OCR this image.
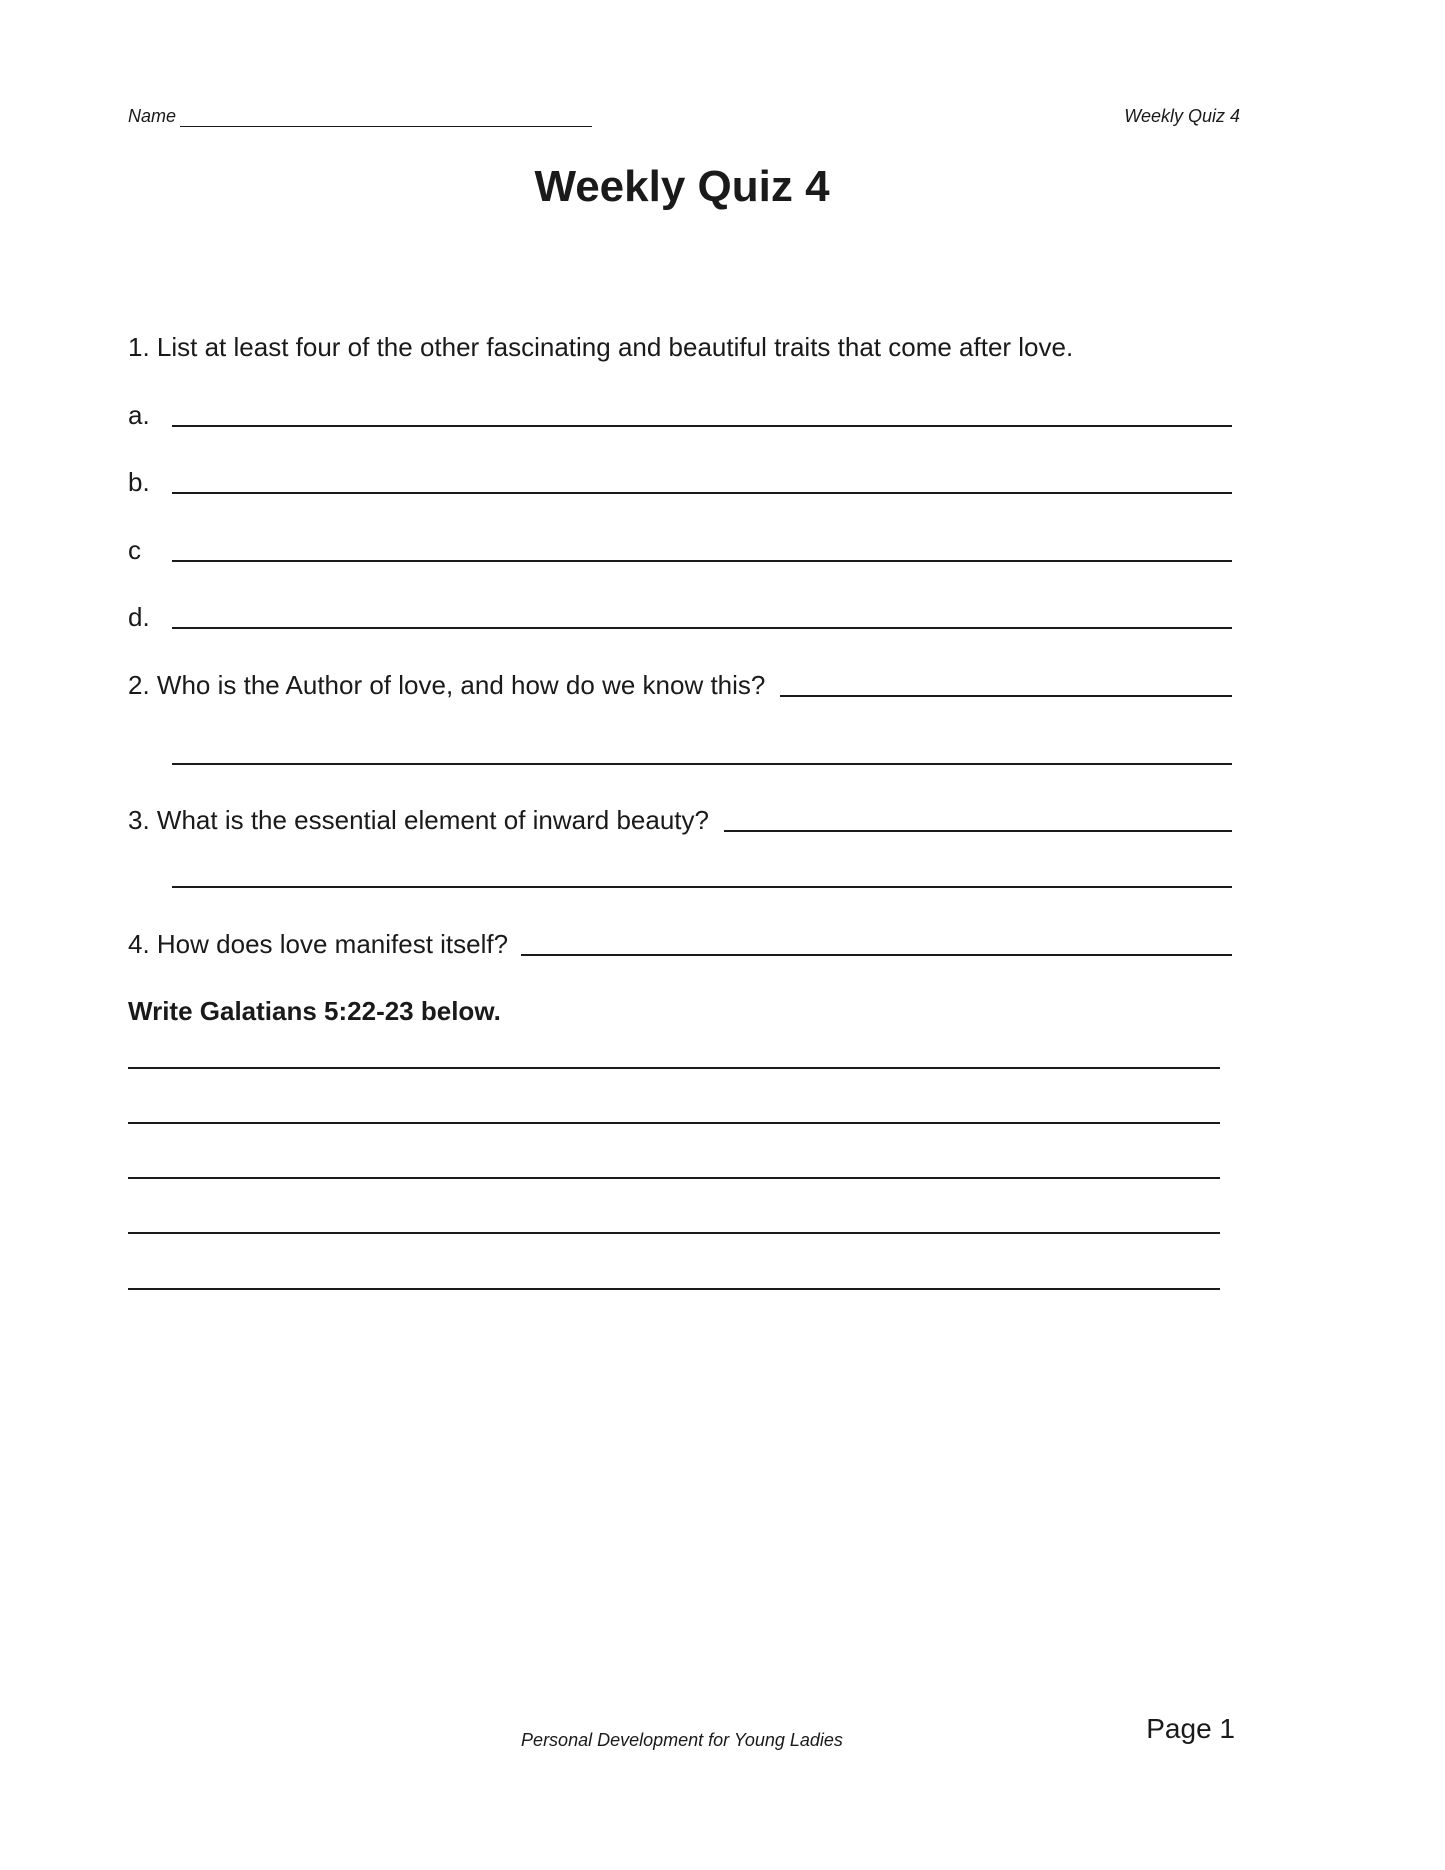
Name	Weekly Quiz 4
Weekly Quiz 4
1. List at least four of the other fascinating and beautiful traits that come after love.
a.
b.
c
d.
2. Who is the Author of love, and how do we know this?
3. What is the essential element of inward beauty?
4. How does love manifest itself?
Write Galatians 5:22-23 below.
Personal Development for Young Ladies	Page 1
